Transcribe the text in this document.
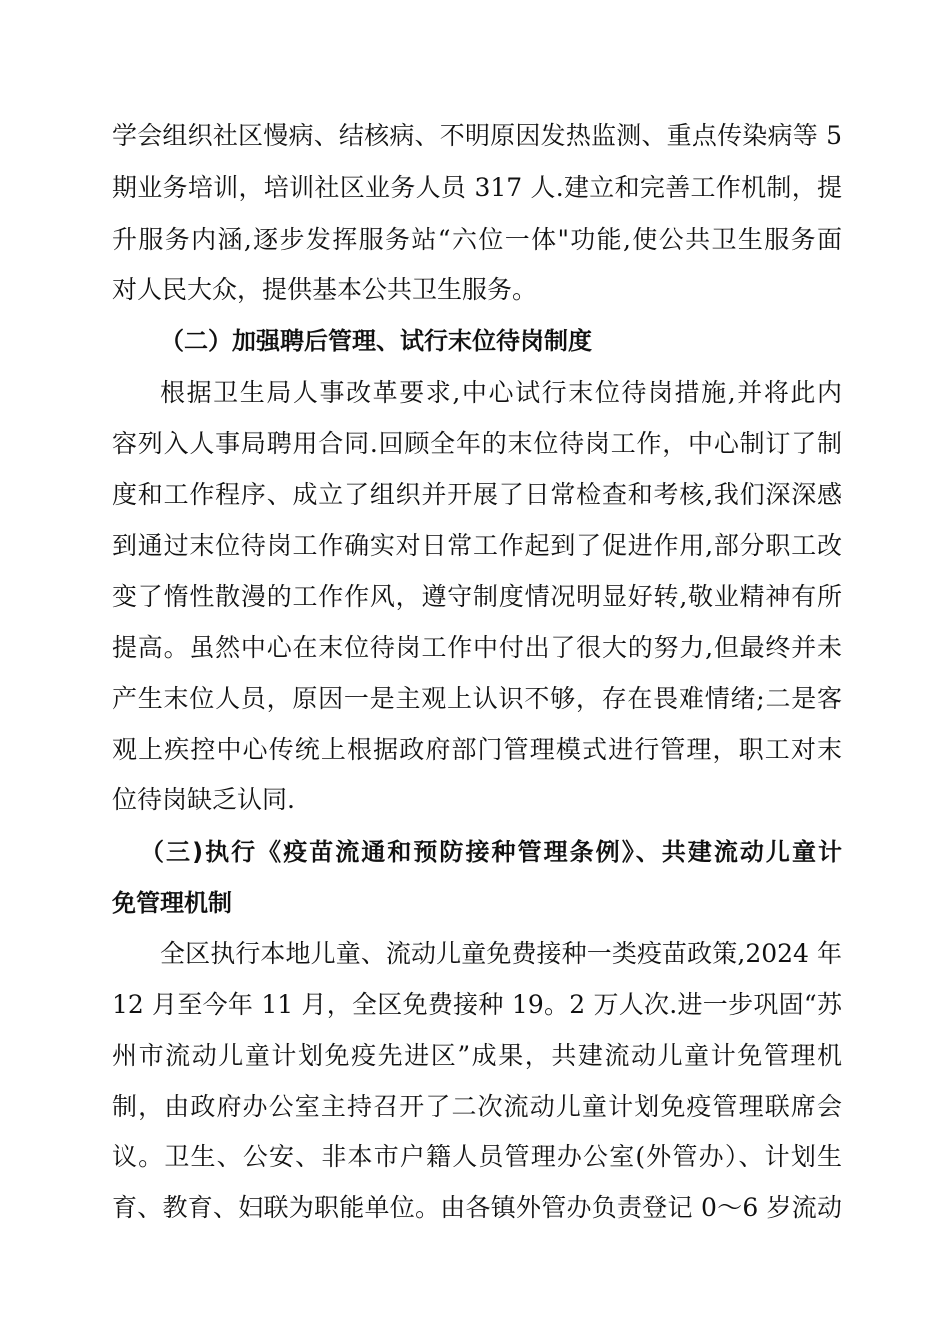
学会组织社区慢病、结核病、不明原因发热监测、重点传染病等 5
期业务培训，培训社区业务人员 317 人.建立和完善工作机制，提
升服务内涵,逐步发挥服务站“六位一体"功能,使公共卫生服务面
对人民大众，提供基本公共卫生服务。
（二）加强聘后管理、试行末位待岗制度
根据卫生局人事改革要求,中心试行末位待岗措施,并将此内
容列入人事局聘用合同.回顾全年的末位待岗工作，中心制订了制
度和工作程序、成立了组织并开展了日常检查和考核,我们深深感
到通过末位待岗工作确实对日常工作起到了促进作用,部分职工改
变了惰性散漫的工作作风，遵守制度情况明显好转,敬业精神有所
提高。虽然中心在末位待岗工作中付出了很大的努力,但最终并未
产生末位人员，原因一是主观上认识不够，存在畏难情绪;二是客
观上疾控中心传统上根据政府部门管理模式进行管理，职工对末
位待岗缺乏认同.
（三)执行《疫苗流通和预防接种管理条例》、共建流动儿童计
免管理机制
全区执行本地儿童、流动儿童免费接种一类疫苗政策,2024 年
12 月至今年 11 月，全区免费接种 19。2 万人次.进一步巩固“苏
州市流动儿童计划免疫先进区”成果，共建流动儿童计免管理机
制，由政府办公室主持召开了二次流动儿童计划免疫管理联席会
议。卫生、公安、非本市户籍人员管理办公室(外管办）、计划生
育、教育、妇联为职能单位。由各镇外管办负责登记 0～6 岁流动
